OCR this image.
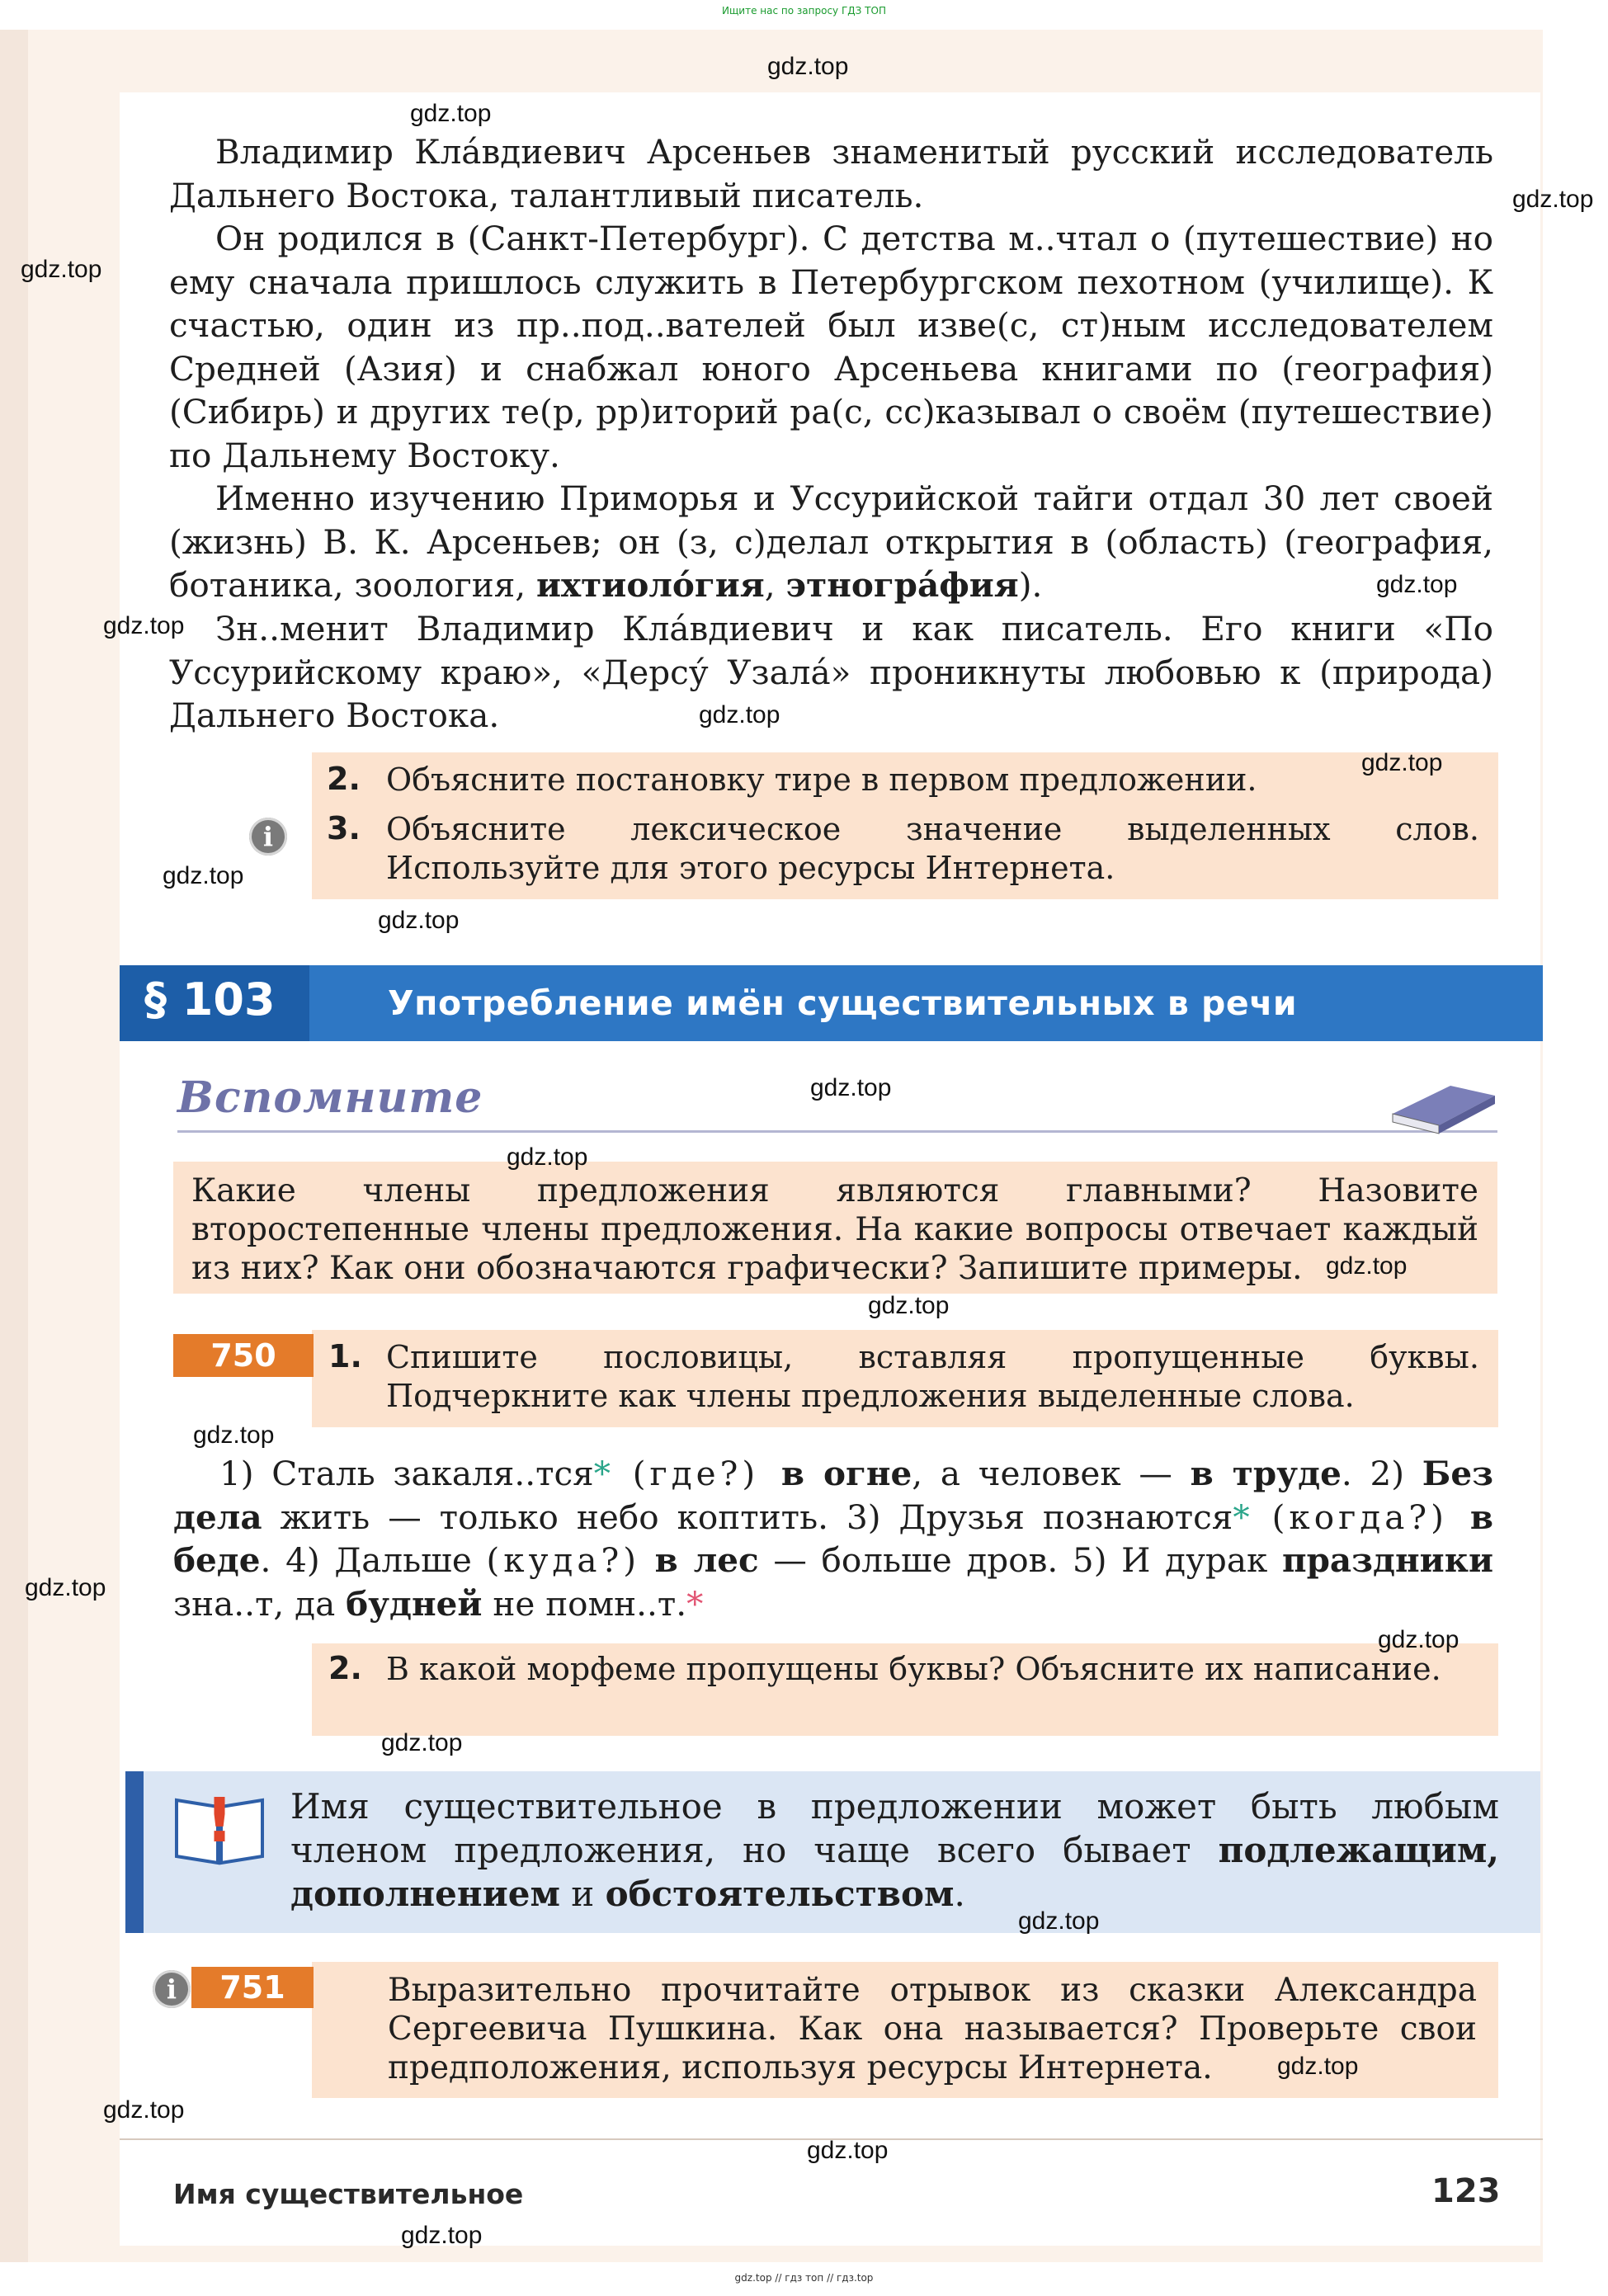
Ищите нас по запросу ГДЗ ТОП
Владимир Кла́вдиевич Арсеньев знаменитый русский исследователь Дальнего Востока, талантливый писатель.
Он родился в (Санкт-Петербург). С детства м..чтал о (путешествие) но ему сначала пришлось служить в Петербургском пехотном (училище). К счастью, один из пр..под..вателей был изве(с, ст)ным исследователем Средней (Азия) и снабжал юного Арсеньева книгами по (география) (Сибирь) и других те(р, рр)иторий ра(с, сс)казывал о своём (путешествие) по Дальнему Востоку.
Именно изучению Приморья и Уссурийской тайги отдал 30 лет своей (жизнь) В. К. Арсеньев; он (з, с)делал открытия в (область) (география, ботаника, зоология, ихтиоло́гия, этногра́фия).
Зн..менит Владимир Кла́вдиевич и как писатель. Его книги «По Уссурийскому краю», «Дерсу́ Узала́» проникнуты любовью к (природа) Дальнего Востока.
2. Объясните постановку тире в первом предложении.
i	3. Объясните лексическое значение выделенных слов. Используйте для этого ресурсы Интернета.
§ 103	Употребление имён существительных в речи
Вспомните
Какие члены предложения являются главными? Назовите второстепенные члены предложения. На какие вопросы отвечает каждый из них? Как они обозначаются графически? Запишите примеры.
750	1. Спишите пословицы, вставляя пропущенные буквы. Подчеркните как члены предложения выделенные слова.
1) Сталь закаля..тся* (где?) в огне, а человек — в труде. 2) Без дела жить — только небо коптить. 3) Друзья познаются* (когда?) в беде. 4) Дальше (куда?) в лес — больше дров. 5) И дурак праздники зна..т, да будней не помн..т.*
2. В какой морфеме пропущены буквы? Объясните их написание.
! Имя существительное в предложении может быть любым членом предложения, но чаще всего бывает подлежащим, дополнением и обстоятельством.
751
i	Выразительно прочитайте отрывок из сказки Александра Сергеевича Пушкина. Как она называется? Проверьте свои предположения, используя ресурсы Интернета.
Имя существительное	123
gdz.top
gdz.top
gdz.top
gdz.top
gdz.top
gdz.top
gdz.top
gdz.top
gdz.top
gdz.top
gdz.top
gdz.top
gdz.top
gdz.top
gdz.top
gdz.top
gdz.top
gdz.top
gdz.top
gdz.top
gdz.top
gdz.top
gdz.top
gdz.top // гдз топ // гдз.top
